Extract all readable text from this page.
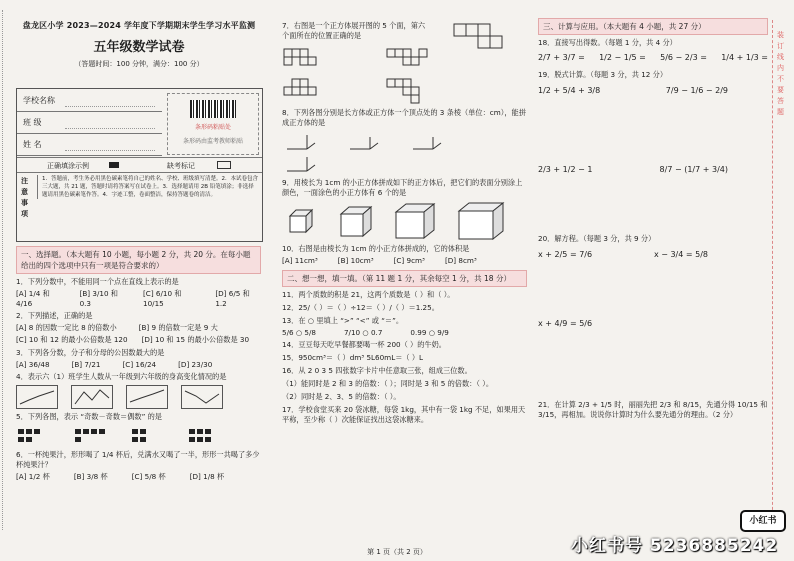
盘龙区小学 2023—2024 学年度下学期期末学生学习水平监测
五年级数学试卷
（答题时间：100 分钟，满分：100 分）
学校名称
班 级
姓 名
条形码粘贴处
条形码由监考教师粘贴
正确填涂示例	缺考标记
注意事项
1．答题前，考生务必用黑色碳素笔将自己的姓名、学校、班级填写清楚。2．本试卷包含三大题，共 21 题，答题时请将答案写在试卷上。3．选择题请用 2B 铅笔填涂；非选择题请用黑色碳素笔作答。4．字迹工整，卷面整洁，保持答题卷的清洁。
一、选择题。（本大题有 10 小题，每小题 2 分，共 20 分。在每小题给出的四个选项中只有一项是符合要求的）
1．下列分数中，不能用同一个点在直线上表示的是
[A] 1/4 和 4/16
[B] 3/10 和 0.3
[C] 6/10 和 10/15
[D] 6/5 和 1.2
2．下列描述，正确的是
[A] 8 的因数一定比 8 的倍数小	[B] 9 的倍数一定是 9 大
[C] 10 和 12 的最小公倍数是 120 [D] 10 和 15 的最小公倍数是 30
3．下列各分数，分子和分母的公因数最大的是
[A] 36/48	[B] 7/21	[C] 16/24	[D] 23/30
4．表示六（1）班学生人数从一年级到六年级的身高变化情况的是

5．下列各图，表示 “奇数－奇数＝偶数” 的是

6．一杯纯果汁，形形喝了 1/4 杯后，兑满水又喝了一半，形形一共喝了多少杯纯果汁？
[A] 1/2 杯	[B] 3/8 杯	[C] 5/8 杯	[D] 1/8 杯
7．右图是一个正方体展开图的 5 个面，第六个面所在的位置正确的是

8．下列各图分别是长方体或正方体一个顶点处的 3 条棱（单位：cm），能拼成正方体的是

9．用棱长为 1cm 的小正方体拼成如下的正方体后，把它们的表面分别涂上颜色，一面涂色的小正方体有 6 个的是

10．右图是由棱长为 1cm 的小正方体拼成的，它的体积是
[A] 11cm³	[B] 10cm³	[C] 9cm³	[D] 8cm³
二、想一想，填一填。（第 11 题 1 分，其余每空 1 分，共 18 分）
11．两个质数的积是 21，这两个质数是（ ）和（ ）。
12．25/（ ）＝（ ）÷12＝（ ）/（ ）＝1.25。
13．在 ○ 里填上 “>” “<” 或 “＝”。
5/6 ○ 5/8	7/10 ○ 0.7	0.99 ○ 9/9
14．豆豆每天吃早餐都要喝一杯 200（ ）的牛奶。
15．950cm³＝（ ）dm³ 5L60mL＝（ ）L
16．从 2 0 3 5 四张数字卡片中任意取三张，组成三位数。
（1）能同时是 2 和 3 的倍数：（ ）；同时是 3 和 5 的倍数：（ ）。
（2）同时是 2、3、5 的倍数：（ ）。
17．学校食堂买来 20 袋冰糖，每袋 1kg，其中有一袋 1kg 不足，如果用天平称，至少称（ ）次能保证找出这袋冰糖来。
三、计算与应用。（本大题有 4 小题，共 27 分）
18．直接写出得数。（每题 1 分，共 4 分）
2/7 + 3/7 = 1/2 − 1/5 = 5/6 − 2/3 = 1/4 + 1/3 =
19．脱式计算。（每题 3 分，共 12 分）
1/2 + 5/4 + 3/8	7/9 − 1/6 − 2/9
2/3 + 1/2 − 1	8/7 − (1/7 + 3/4)
20．解方程。（每题 3 分，共 9 分）
x + 2/5 = 7/6	x − 3/4 = 5/8
x + 4/9 = 5/6
21．在计算 2/3 + 1/5 时，丽丽先把 2/3 和 8/15，先通分得 10/15 和 3/15，再相加。说说你计算时为什么要先通分的理由。（2 分）
装订线内不要答题
小红书
小红书号 5236885242
第 1 页（共 2 页）
